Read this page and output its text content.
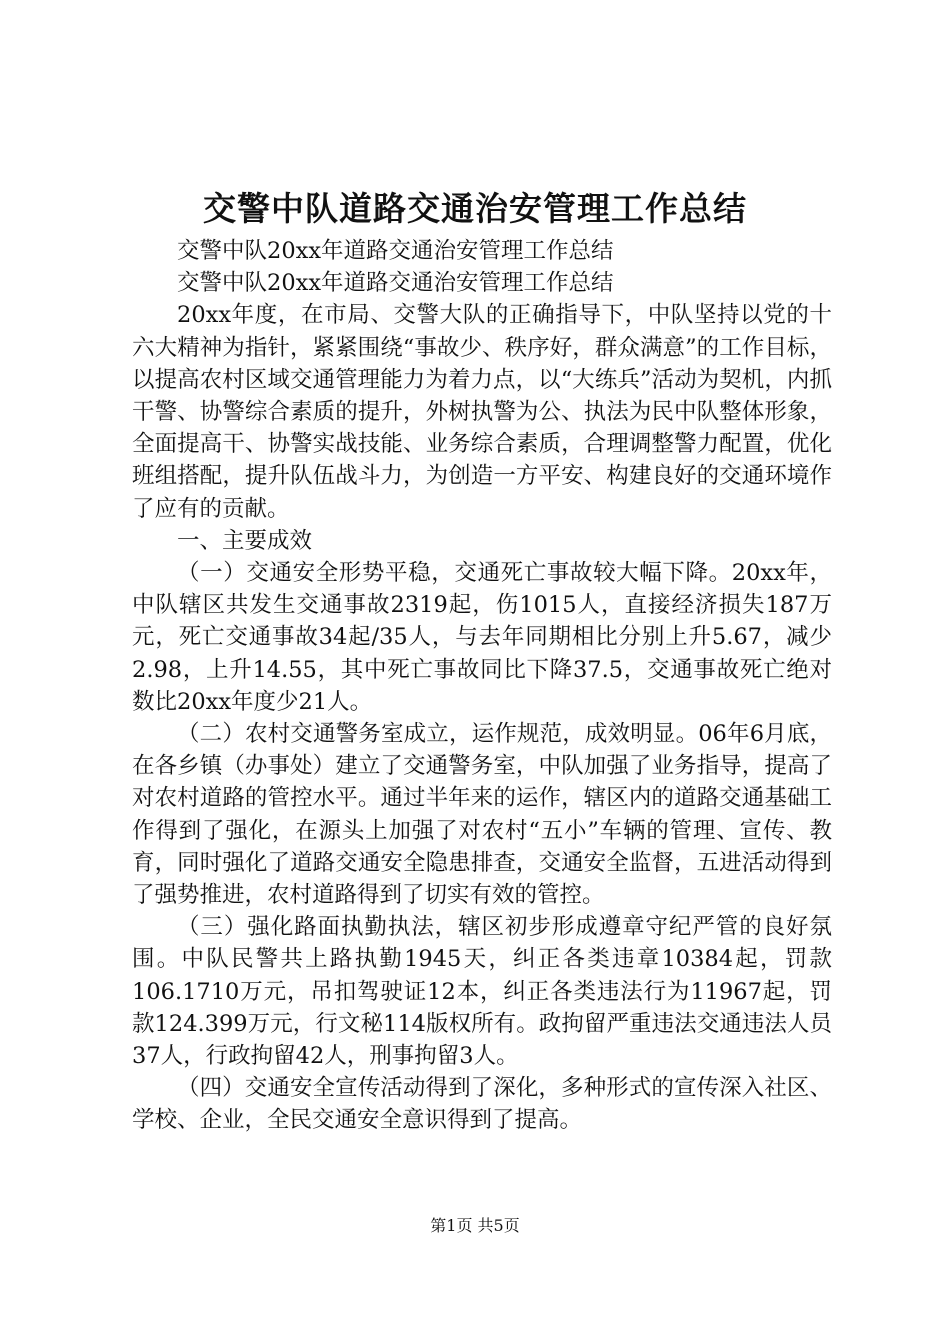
交警中队道路交通治安管理工作总结

交警中队20xx年道路交通治安管理工作总结

交警中队20xx年道路交通治安管理工作总结

20xx年度，在市局、交警大队的正确指导下，中队坚持以党的十六大精神为指针，紧紧围绕“事故少、秩序好，群众满意”的工作目标，以提高农村区域交通管理能力为着力点，以“大练兵”活动为契机，内抓干警、协警综合素质的提升，外树执警为公、执法为民中队整体形象，全面提高干、协警实战技能、业务综合素质，合理调整警力配置，优化班组搭配，提升队伍战斗力，为创造一方平安、构建良好的交通环境作了应有的贡献。

一、主要成效

（一）交通安全形势平稳，交通死亡事故较大幅下降。20xx年，中队辖区共发生交通事故2319起，伤1015人，直接经济损失187万元，死亡交通事故34起/35人，与去年同期相比分别上升5.67，减少2.98，上升14.55，其中死亡事故同比下降37.5，交通事故死亡绝对数比20xx年度少21人。

（二）农村交通警务室成立，运作规范，成效明显。06年6月底，在各乡镇（办事处）建立了交通警务室，中队加强了业务指导，提高了对农村道路的管控水平。通过半年来的运作，辖区内的道路交通基础工作得到了强化，在源头上加强了对农村“五小”车辆的管理、宣传、教育，同时强化了道路交通安全隐患排查，交通安全监督，五进活动得到了强势推进，农村道路得到了切实有效的管控。

（三）强化路面执勤执法，辖区初步形成遵章守纪严管的良好氛围。中队民警共上路执勤1945天，纠正各类违章10384起，罚款106.1710万元，吊扣驾驶证12本，纠正各类违法行为11967起，罚款124.399万元，行文秘114版权所有。政拘留严重违法交通违法人员37人，行政拘留42人，刑事拘留3人。

（四）交通安全宣传活动得到了深化，多种形式的宣传深入社区、学校、企业，全民交通安全意识得到了提高。

第1页 共5页
